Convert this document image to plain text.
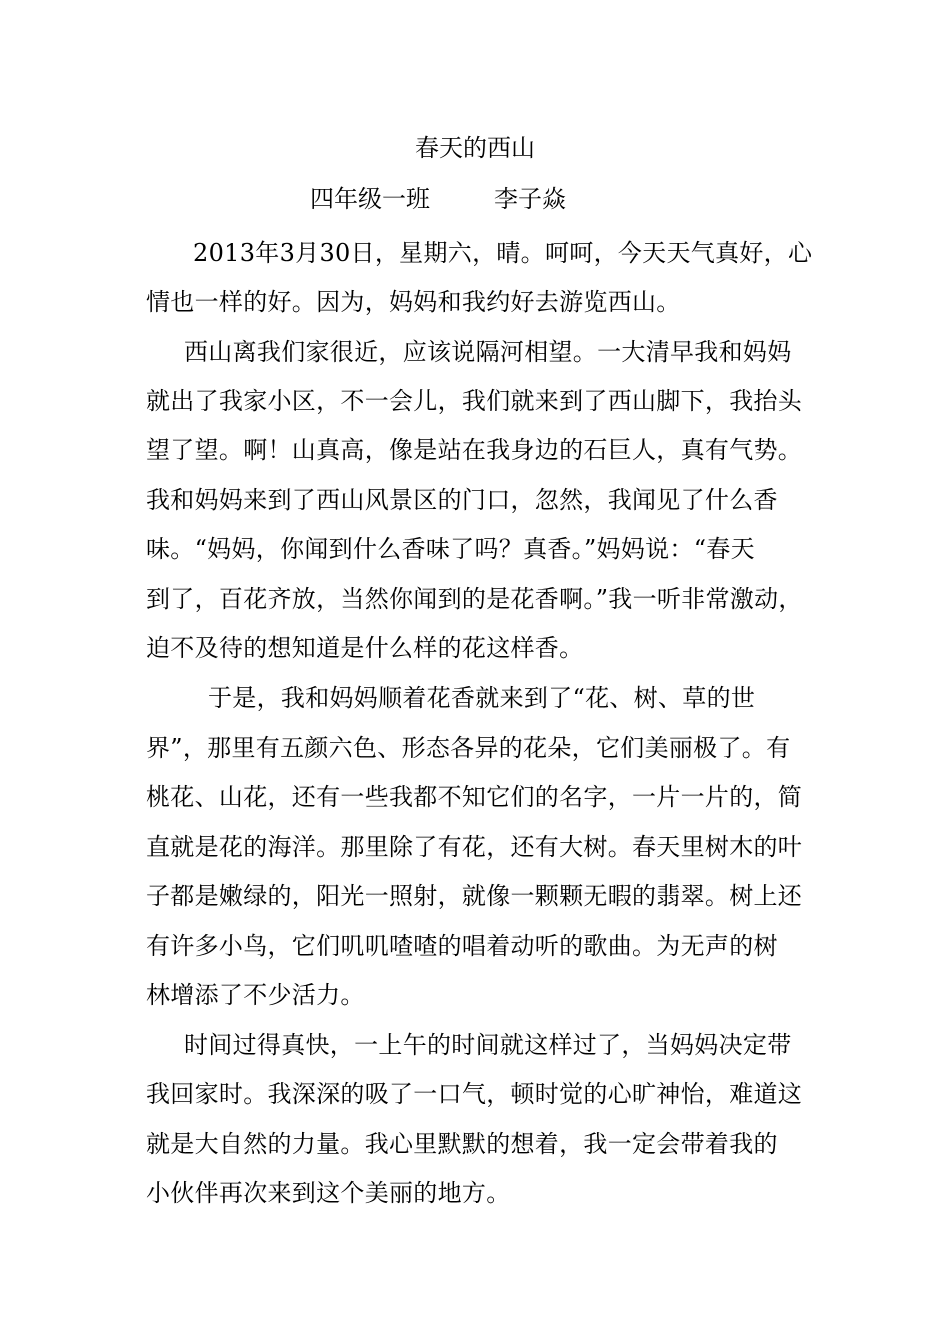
春天的西山
四年级一班	李子焱
2013年3月30日，星期六，晴。呵呵，今天天气真好，心
情也一样的好。因为，妈妈和我约好去游览西山。
西山离我们家很近，应该说隔河相望。一大清早我和妈妈
就出了我家小区，不一会儿，我们就来到了西山脚下，我抬头
望了望。啊！山真高，像是站在我身边的石巨人，真有气势。
我和妈妈来到了西山风景区的门口，忽然，我闻见了什么香
味。“妈妈，你闻到什么香味了吗？真香。”妈妈说：“春天
到了，百花齐放，当然你闻到的是花香啊。”我一听非常激动，
迫不及待的想知道是什么样的花这样香。
于是，我和妈妈顺着花香就来到了“花、树、草的世
界”，那里有五颜六色、形态各异的花朵，它们美丽极了。有
桃花、山花，还有一些我都不知它们的名字，一片一片的，简
直就是花的海洋。那里除了有花，还有大树。春天里树木的叶
子都是嫩绿的，阳光一照射，就像一颗颗无暇的翡翠。树上还
有许多小鸟，它们叽叽喳喳的唱着动听的歌曲。为无声的树
林增添了不少活力。
时间过得真快，一上午的时间就这样过了，当妈妈决定带
我回家时。我深深的吸了一口气，顿时觉的心旷神怡，难道这
就是大自然的力量。我心里默默的想着，我一定会带着我的
小伙伴再次来到这个美丽的地方。
